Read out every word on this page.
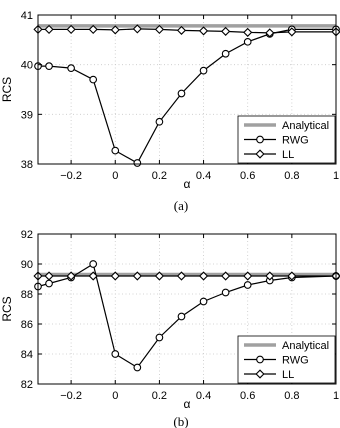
−0.2	0	0.2	0.4	0.6	0.8	1
38
39
40
41
α
RCS
(a)
Analytical
RWG
LL
−0.2	0	0.2	0.4	0.6	0.8	1
82
84
86
88
90
92
α
RCS
(b)
Analytical
RWG
LL
